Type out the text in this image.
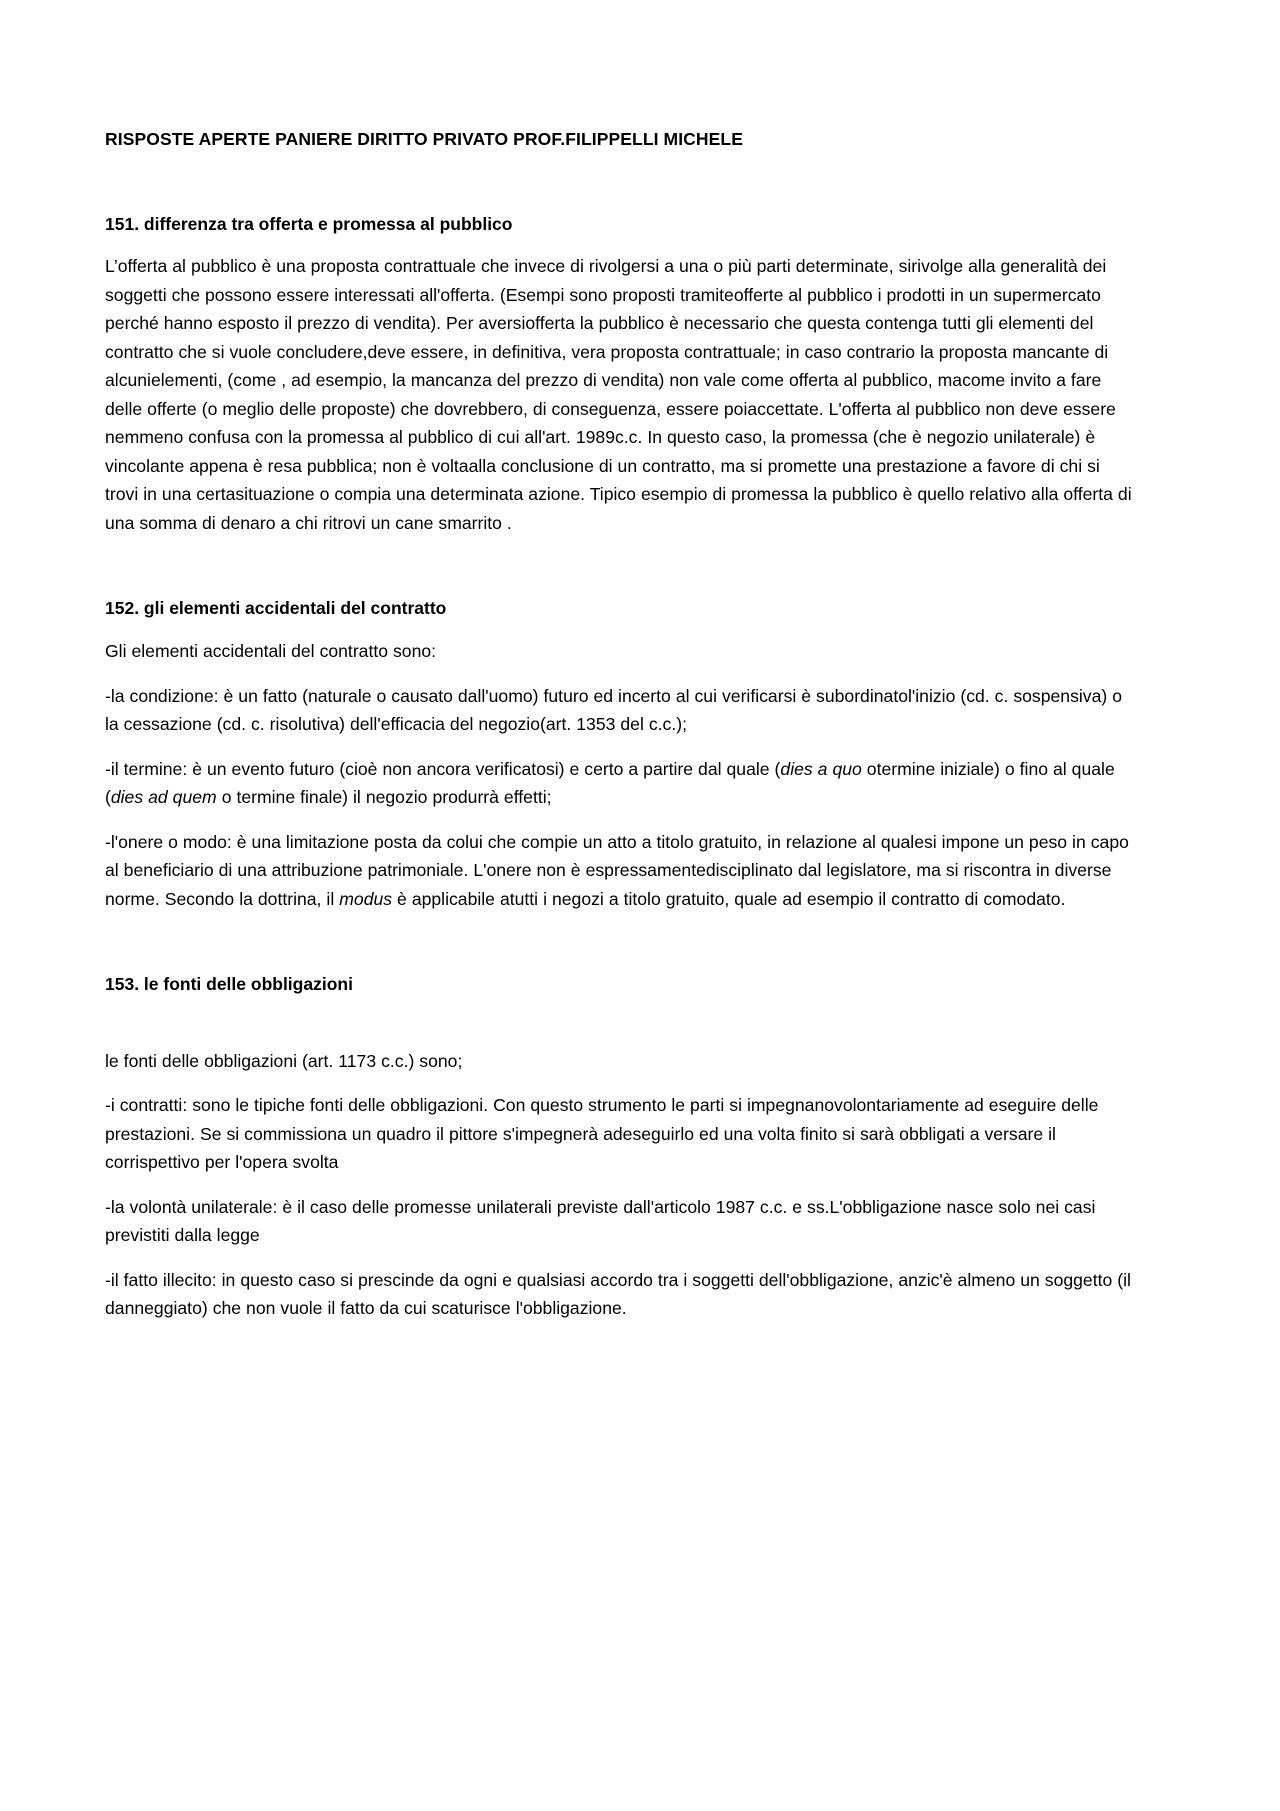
RISPOSTE APERTE PANIERE DIRITTO PRIVATO PROF.FILIPPELLI MICHELE
151. differenza tra offerta e promessa al pubblico

L’offerta al pubblico è una proposta contrattuale che invece di rivolgersi a una o più parti determinate, sirivolge alla generalità dei soggetti che possono essere interessati all'offerta. (Esempi sono proposti tramiteofferte al pubblico i prodotti in un supermercato perché hanno esposto il prezzo di vendita). Per aversiofferta la pubblico è necessario che questa contenga tutti gli elementi del contratto che si vuole concludere,deve essere, in definitiva, vera proposta contrattuale; in caso contrario la proposta mancante di alcunielementi, (come , ad esempio, la mancanza del prezzo di vendita) non vale come offerta al pubblico, macome invito a fare delle offerte (o meglio delle proposte) che dovrebbero, di conseguenza, essere poiaccettate. L'offerta al pubblico non deve essere nemmeno confusa con la promessa al pubblico di cui all'art. 1989c.c. In questo caso, la promessa (che è negozio unilaterale) è vincolante appena è resa pubblica; non è voltaalla conclusione di un contratto, ma si promette una prestazione a favore di chi si trovi in una certasituazione o compia una determinata azione. Tipico esempio di promessa la pubblico è quello relativo alla offerta di una somma di denaro a chi ritrovi un cane smarrito .

152. gli elementi accidentali del contratto

Gli elementi accidentali del contratto sono:

-la condizione: è un fatto (naturale o causato dall'uomo) futuro ed incerto al cui verificarsi è subordinatol'inizio (cd. c. sospensiva) o la cessazione (cd. c. risolutiva) dell'efficacia del negozio(art. 1353 del c.c.);

-il termine: è un evento futuro (cioè non ancora verificatosi) e certo a partire dal quale (dies a quo otermine iniziale) o fino al quale (dies ad quem o termine finale) il negozio produrrà effetti;

-l'onere o modo: è una limitazione posta da colui che compie un atto a titolo gratuito, in relazione al qualesi impone un peso in capo al beneficiario di una attribuzione patrimoniale. L'onere non è espressamentedisciplinato dal legislatore, ma si riscontra in diverse norme. Secondo la dottrina, il modus è applicabile atutti i negozi a titolo gratuito, quale ad esempio il contratto di comodato.

153. le fonti delle obbligazioni

le fonti delle obbligazioni (art. 1173 c.c.) sono;

-i contratti: sono le tipiche fonti delle obbligazioni. Con questo strumento le parti si impegnanovolontariamente ad eseguire delle prestazioni. Se si commissiona un quadro il pittore s'impegnerà adeseguirlo ed una volta finito si sarà obbligati a versare il corrispettivo per l'opera svolta

-la volontà unilaterale: è il caso delle promesse unilaterali previste dall'articolo 1987 c.c. e ss.L'obbligazione nasce solo nei casi previstiti dalla legge

-il fatto illecito: in questo caso si prescinde da ogni e qualsiasi accordo tra i soggetti dell'obbligazione, anzic'è almeno un soggetto (il danneggiato) che non vuole il fatto da cui scaturisce l'obbligazione.
